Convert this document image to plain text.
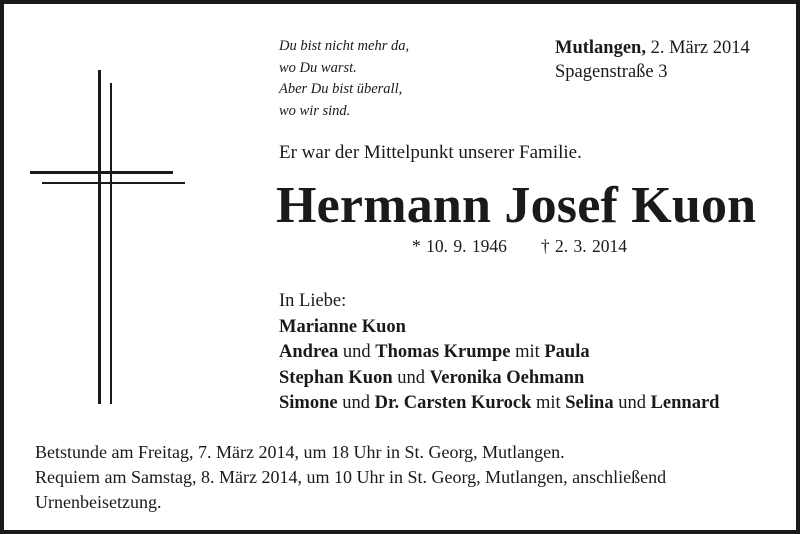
Du bist nicht mehr da,
wo Du warst.
Aber Du bist überall,
wo wir sind.
Mutlangen, 2. März 2014
Spagenstraße 3
Er war der Mittelpunkt unserer Familie.
Hermann Josef Kuon
* 10. 9. 1946 † 2. 3. 2014
In Liebe:
Marianne Kuon
Andrea und Thomas Krumpe mit Paula
Stephan Kuon und Veronika Oehmann
Simone und Dr. Carsten Kurock mit Selina und Lennard
Betstunde am Freitag, 7. März 2014, um 18 Uhr in St. Georg, Mutlangen.
Requiem am Samstag, 8. März 2014, um 10 Uhr in St. Georg, Mutlangen, anschließend
Urnenbeisetzung.
